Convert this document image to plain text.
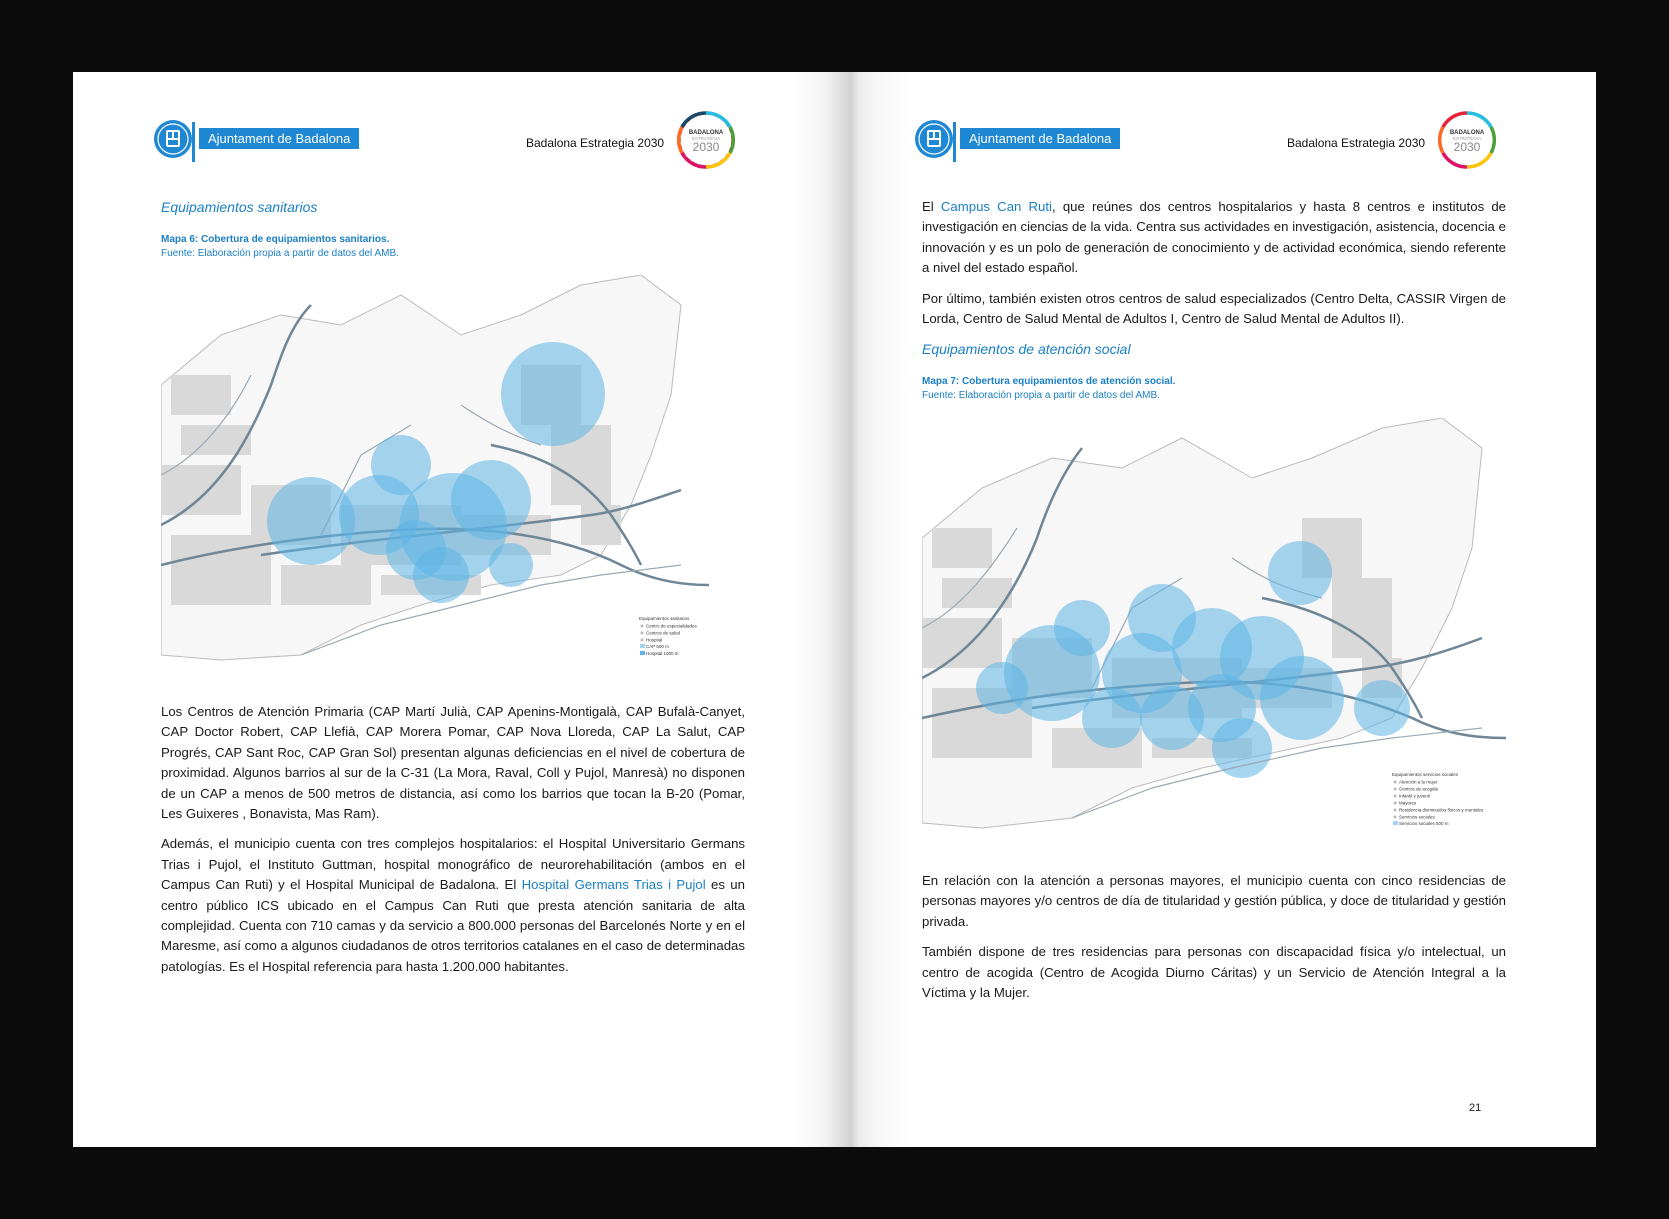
Ajuntament de Badalona	Badalona Estrategia 2030
BADALONA
ESTRATÈGIA
2030
Equipamientos sanitarios
Mapa 6: Cobertura de equipamientos sanitarios.
Fuente: Elaboración propia a partir de datos del AMB.
Equipamientos sanitarios
Centro de especialidades
Centros de salud
Hospital
CAP 500 m
Hospital 1000 m

Los Centros de Atención Primaria (CAP Martí Julià, CAP Apenins-Montigalà, CAP Bufalà-Canyet, CAP Doctor Robert, CAP Llefià, CAP Morera Pomar, CAP Nova Lloreda, CAP La Salut, CAP Progrés, CAP Sant Roc, CAP Gran Sol) presentan algunas deficiencias en el nivel de cobertura de proximidad. Algunos barrios al sur de la C-31 (La Mora, Raval, Coll y Pujol, Manresà) no disponen de un CAP a menos de 500 metros de distancia, así como los barrios que tocan la B-20 (Pomar, Les Guixeres , Bonavista, Mas Ram).

Además, el municipio cuenta con tres complejos hospitalarios: el Hospital Universitario Germans Trias i Pujol, el Instituto Guttman, hospital monográfico de neurorehabilitación (ambos en el Campus Can Ruti) y el Hospital Municipal de Badalona. El Hospital Germans Trias i Pujol es un centro público ICS ubicado en el Campus Can Ruti que presta atención sanitaria de alta complejidad. Cuenta con 710 camas y da servicio a 800.000 personas del Barcelonés Norte y en el Maresme, así como a algunos ciudadanos de otros territorios catalanes en el caso de determinadas patologías. Es el Hospital referencia para hasta 1.200.000 habitantes.

Ajuntament de Badalona	Badalona Estrategia 2030
BADALONA
ESTRATÈGIA
2030

El Campus Can Ruti, que reúnes dos centros hospitalarios y hasta 8 centros e institutos de investigación en ciencias de la vida. Centra sus actividades en investigación, asistencia, docencia e innovación y es un polo de generación de conocimiento y de actividad económica, siendo referente a nivel del estado español.

Por último, también existen otros centros de salud especializados (Centro Delta, CASSIR Virgen de Lorda, Centro de Salud Mental de Adultos I, Centro de Salud Mental de Adultos II).

Equipamientos de atención social
Mapa 7: Cobertura equipamientos de atención social.
Fuente: Elaboración propia a partir de datos del AMB.
Equipamientos servicios sociales
Atención a la mujer
Centros de acogida
Infantil y juvenil
Mayores
Residencia disminuidos físicos y mentales
Servicios sociales
Servicios sociales 500 m

En relación con la atención a personas mayores, el municipio cuenta con cinco residencias de personas mayores y/o centros de día de titularidad y gestión pública, y doce de titularidad y gestión privada.

También dispone de tres residencias para personas con discapacidad física y/o intelectual, un centro de acogida (Centro de Acogida Diurno Cáritas) y un Servicio de Atención Integral a la Víctima y la Mujer.

21
